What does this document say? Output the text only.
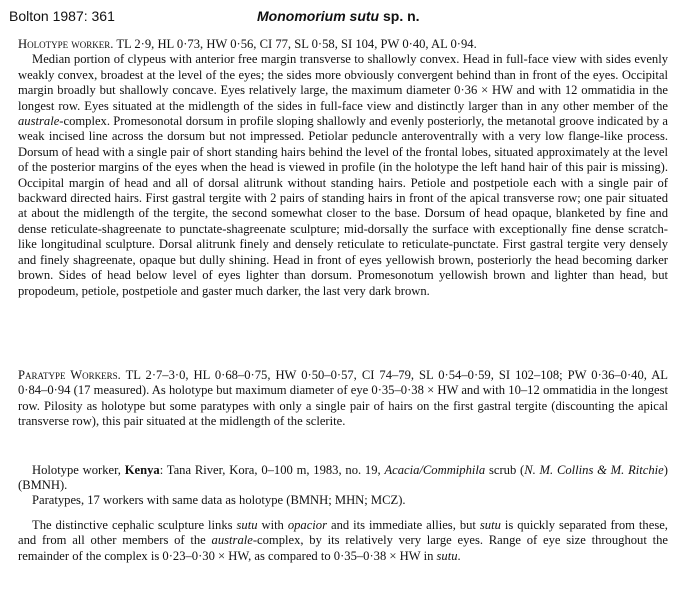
Bolton 1987: 361	Monomorium sutu sp. n.

Holotype worker. TL 2·9, HL 0·73, HW 0·56, CI 77, SL 0·58, SI 104, PW 0·40, AL 0·94.
Median portion of clypeus with anterior free margin transverse to shallowly convex. Head in full-face view with sides evenly weakly convex, broadest at the level of the eyes; the sides more obviously convergent behind than in front of the eyes. Occipital margin broadly but shallowly concave. Eyes relatively large, the maximum diameter 0·36 × HW and with 12 ommatidia in the longest row. Eyes situated at the midlength of the sides in full-face view and distinctly larger than in any other member of the australe-complex. Promesonotal dorsum in profile sloping shallowly and evenly posteriorly, the metanotal groove indicated by a weak incised line across the dorsum but not impressed. Petiolar peduncle anteroventrally with a very low flange-like process. Dorsum of head with a single pair of short standing hairs behind the level of the frontal lobes, situated approximately at the level of the posterior margins of the eyes when the head is viewed in profile (in the holotype the left hand hair of this pair is missing). Occipital margin of head and all of dorsal alitrunk without standing hairs. Petiole and postpetiole each with a single pair of backward directed hairs. First gastral tergite with 2 pairs of standing hairs in front of the apical transverse row; one pair situated at about the midlength of the tergite, the second somewhat closer to the base. Dorsum of head opaque, blanketed by fine and dense reticulate-shagreenate to punctate-shagreenate sculpture; mid-dorsally the surface with exceptionally fine dense scratch-like longitudinal sculpture. Dorsal alitrunk finely and densely reticulate to reticulate-punctate. First gastral tergite very densely and finely shagreenate, opaque but dully shining. Head in front of eyes yellowish brown, posteriorly the head becoming darker brown. Sides of head below level of eyes lighter than dorsum. Promesonotum yellowish brown and lighter than head, but propodeum, petiole, postpetiole and gaster much darker, the last very dark brown.

Paratype Workers. TL 2·7–3·0, HL 0·68–0·75, HW 0·50–0·57, CI 74–79, SL 0·54–0·59, SI 102–108; PW 0·36–0·40, AL 0·84–0·94 (17 measured). As holotype but maximum diameter of eye 0·35–0·38 × HW and with 10–12 ommatidia in the longest row. Pilosity as holotype but some paratypes with only a single pair of hairs on the first gastral tergite (discounting the apical transverse row), this pair situated at the midlength of the sclerite.

Holotype worker, Kenya: Tana River, Kora, 0–100 m, 1983, no. 19, Acacia/Commiphila scrub (N. M. Collins & M. Ritchie) (BMNH).

Paratypes, 17 workers with same data as holotype (BMNH; MHN; MCZ).

The distinctive cephalic sculpture links sutu with opacior and its immediate allies, but sutu is quickly separated from these, and from all other members of the australe-complex, by its relatively very large eyes. Range of eye size throughout the remainder of the complex is 0·23–0·30 × HW, as compared to 0·35–0·38 × HW in sutu.
